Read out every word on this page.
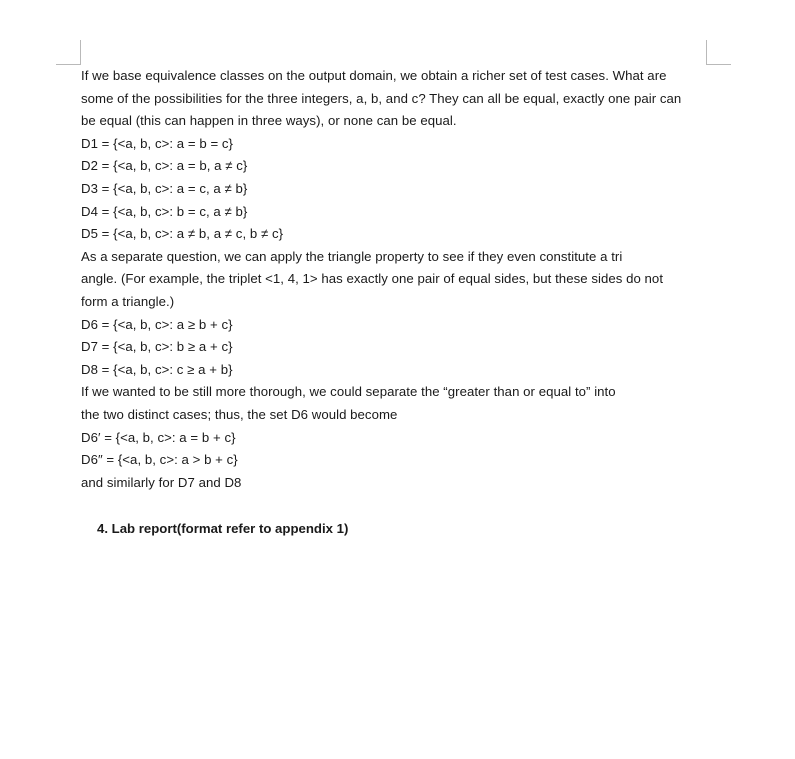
If we base equivalence classes on the output domain, we obtain a richer set of test cases. What are
some of the possibilities for the three integers, a, b, and c? They can all be equal, exactly one pair can
be equal (this can happen in three ways), or none can be equal.
D1 = {<a, b, c>: a = b = c}
D2 = {<a, b, c>: a = b, a ≠ c}
D3 = {<a, b, c>: a = c, a ≠ b}
D4 = {<a, b, c>: b = c, a ≠ b}
D5 = {<a, b, c>: a ≠ b, a ≠ c, b ≠ c}
As a separate question, we can apply the triangle property to see if they even constitute a tri
angle. (For example, the triplet <1, 4, 1> has exactly one pair of equal sides, but these sides do not
form a triangle.)
D6 = {<a, b, c>: a ≥ b + c}
D7 = {<a, b, c>: b ≥ a + c}
D8 = {<a, b, c>: c ≥ a + b}
If we wanted to be still more thorough, we could separate the “greater than or equal to” into
the two distinct cases; thus, the set D6 would become
D6′ = {<a, b, c>: a = b + c}
D6″ = {<a, b, c>: a > b + c}
and similarly for D7 and D8
4. Lab report(format refer to appendix 1)
